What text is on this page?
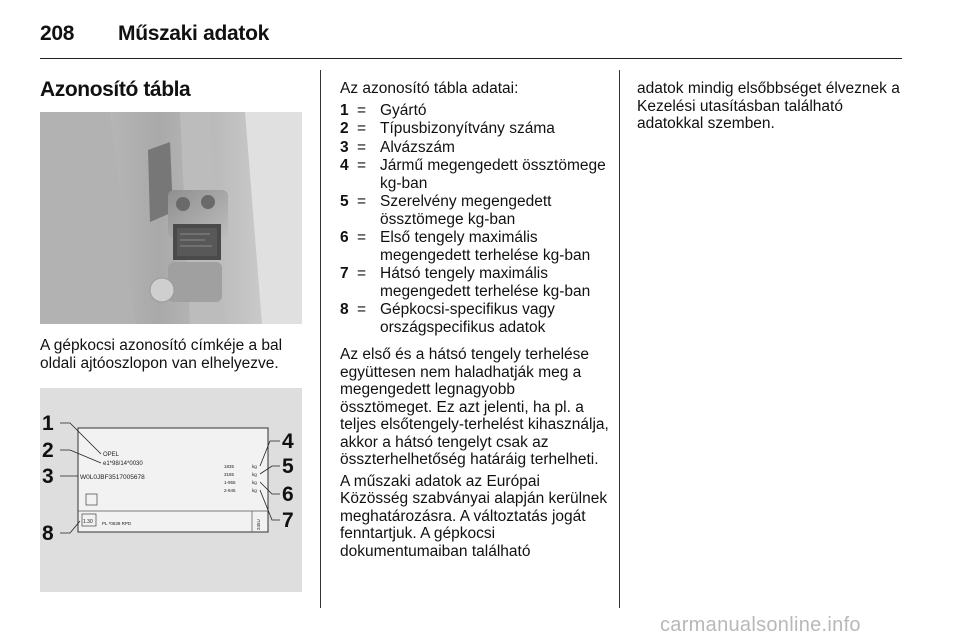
208 Műszaki adatok
Azonosító tábla
A gépkocsi azonosító címkéje a bal oldali ajtóoszlopon van elhelyezve.
OPEL
e1*98/14*0030
W0L0JBF3517005678
1835
3185
1-955
2-945
kg
kg
kg
kg
1.30 PL *0538 RPD	245U
1
2
3
4
5
6
7
8

Az azonosító tábla adatai:

1 = Gyártó
2 = Típusbizonyítvány száma
3 = Alvázszám
4 = Jármű megengedett össztömege kg-ban
5 = Szerelvény megengedett össztömege kg-ban
6 = Első tengely maximális megengedett terhelése kg-ban
7 = Hátsó tengely maximális megengedett terhelése kg-ban
8 = Gépkocsi-specifikus vagy országspecifikus adatok

Az első és a hátsó tengely terhelése együttesen nem haladhatják meg a megengedett legnagyobb össztömeget. Ez azt jelenti, ha pl. a teljes elsőtengely-terhelést kihasználja, akkor a hátsó tengelyt csak az összterhelhetőség határáig terhelheti.

A műszaki adatok az Európai Közösség szabványai alapján kerülnek meghatározásra. A változtatás jogát fenntartjuk. A gépkocsi dokumentumaiban található

adatok mindig elsőbbséget élveznek a Kezelési utasításban található adatokkal szemben.

carmanualsonline.info
